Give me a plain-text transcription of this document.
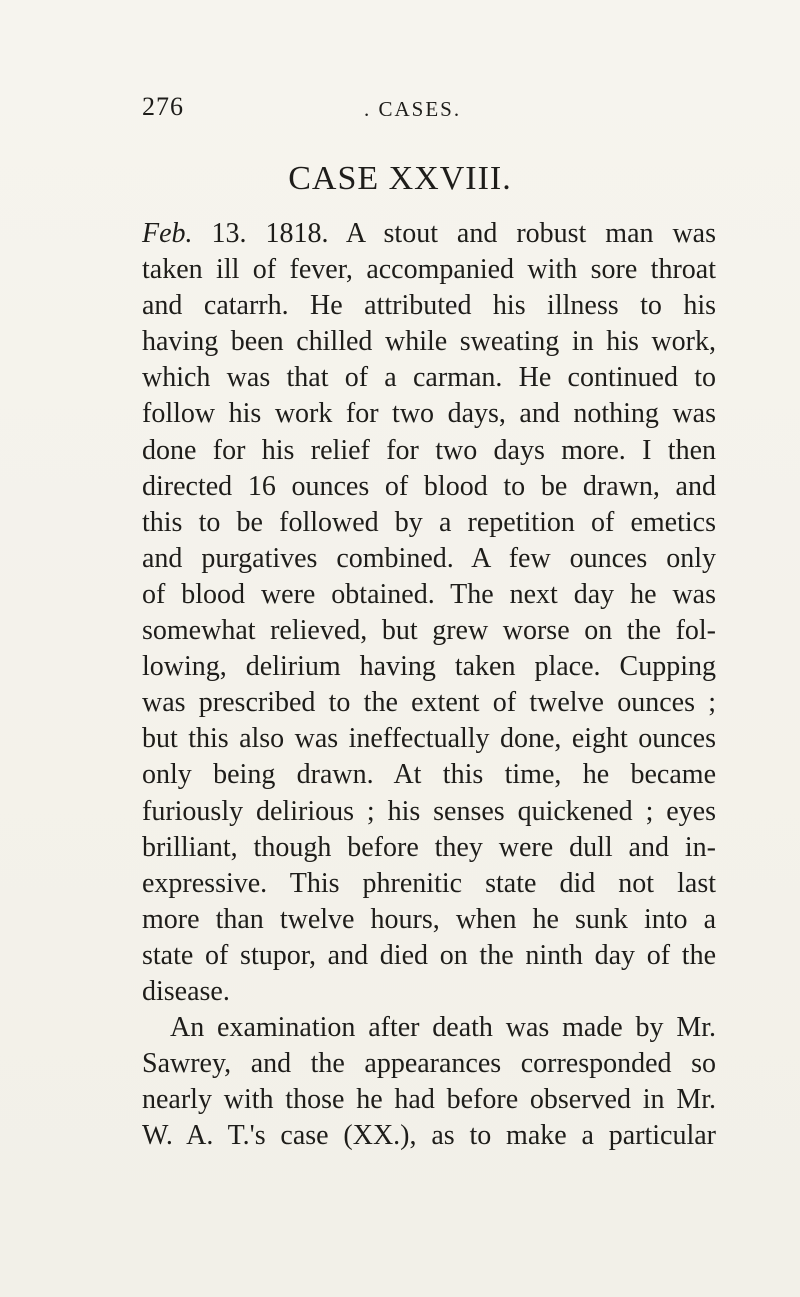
276	. CASES.
CASE XXVIII.
Feb. 13. 1818. A stout and robust man was
taken ill of fever, accompanied with sore throat
and catarrh. He attributed his illness to his
having been chilled while sweating in his work,
which was that of a carman. He continued to
follow his work for two days, and nothing was
done for his relief for two days more. I then
directed 16 ounces of blood to be drawn, and
this to be followed by a repetition of emetics
and purgatives combined. A few ounces only
of blood were obtained. The next day he was
somewhat relieved, but grew worse on the fol-
lowing, delirium having taken place. Cupping
was prescribed to the extent of twelve ounces ;
but this also was ineffectually done, eight ounces
only being drawn. At this time, he became
furiously delirious ; his senses quickened ; eyes
brilliant, though before they were dull and in-
expressive. This phrenitic state did not last
more than twelve hours, when he sunk into a
state of stupor, and died on the ninth day of the
disease.
An examination after death was made by Mr.
Sawrey, and the appearances corresponded so
nearly with those he had before observed in Mr.
W. A. T.'s case (XX.), as to make a particular
